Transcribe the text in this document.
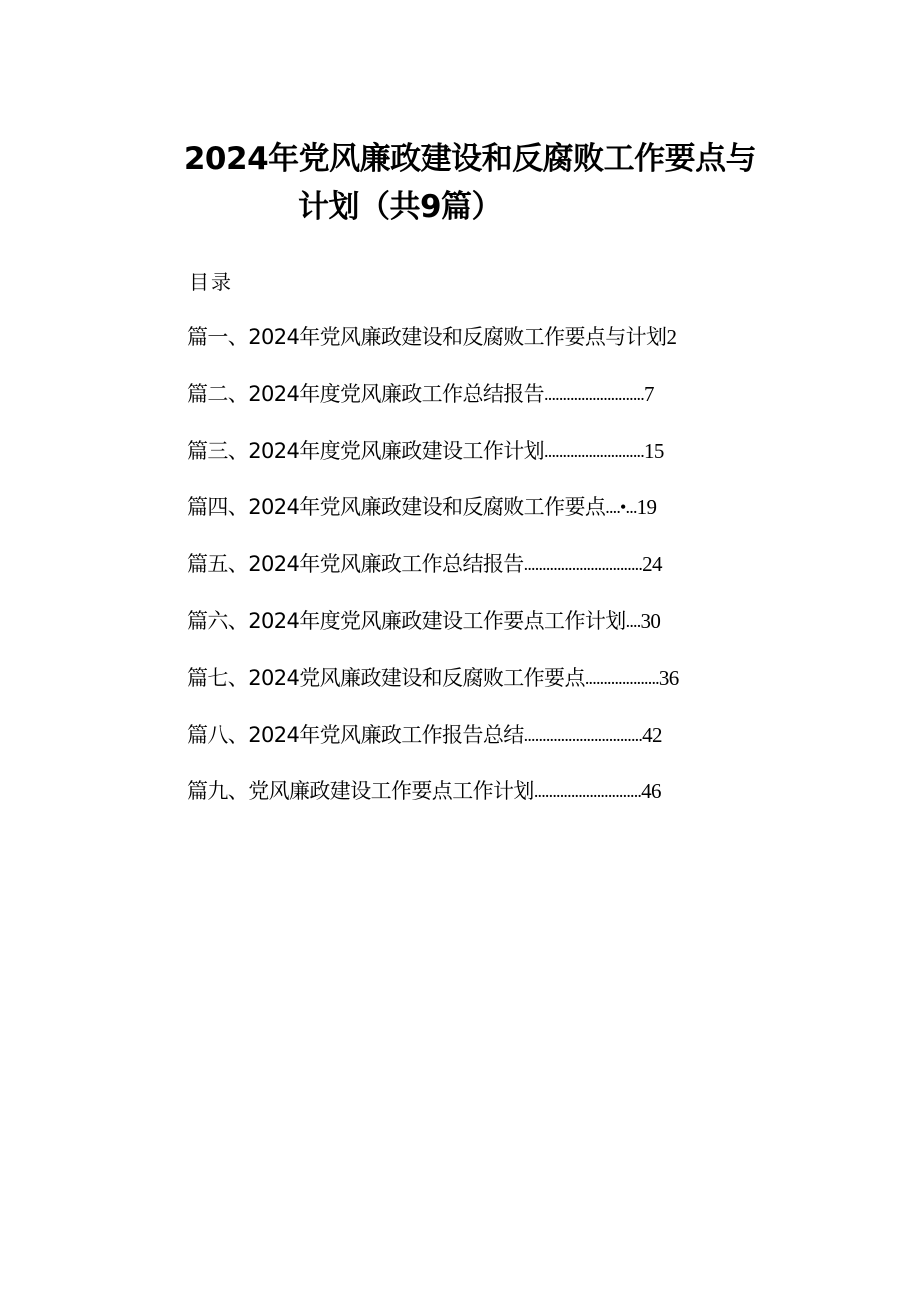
2024年党风廉政建设和反腐败工作要点与
计划（共9篇）
目录
篇一、2024年党风廉政建设和反腐败工作要点与计划 2
篇二、2024年度党风廉政工作总结报告 ........................... 7
篇三、2024年度党风廉政建设工作计划 ........................... 15
篇四、2024年党风廉政建设和反腐败工作要点 ....•... 19
篇五、2024年党风廉政工作总结报告 ................................ 24
篇六、2024年度党风廉政建设工作要点工作计划 .... 30
篇七、2024党风廉政建设和反腐败工作要点 .................... 36
篇八、2024年党风廉政工作报告总结 ................................ 42
篇九、党风廉政建设工作要点工作计划 ............................. 46
